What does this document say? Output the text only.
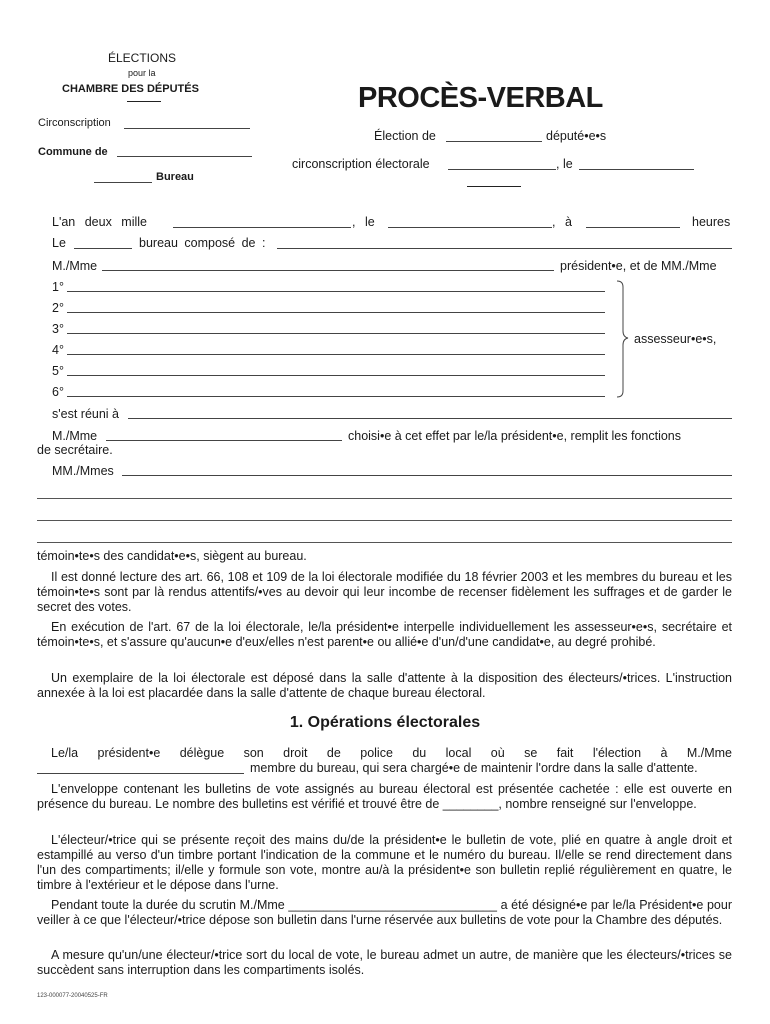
ÉLECTIONS
pour la
CHAMBRE DES DÉPUTÉS
Circonscription
Commune de
Bureau
PROCÈS-VERBAL
Élection de	député•e•s
circonscription électorale	, le
L'an deux mille	, le	, à	heures
Le	bureau composé de :
M./Mme	président•e, et de MM./Mme
1°
2°
3°
4°
5°
6°
assesseur•e•s,
s'est réuni à
M./Mme	choisi•e à cet effet par le/la président•e, remplit les fonctions
de secrétaire.
MM./Mmes
témoin•te•s des candidat•e•s, siègent au bureau.
Il est donné lecture des art. 66, 108 et 109 de la loi électorale modifiée du 18 février 2003 et les membres du bureau et les témoin•te•s sont par là rendus attentifs/•ves au devoir qui leur incombe de recenser fidèlement les suffrages et de garder le secret des votes.
En exécution de l'art. 67 de la loi électorale, le/la président•e interpelle individuellement les assesseur•e•s, secrétaire et témoin•te•s, et s'assure qu'aucun•e d'eux/elles n'est parent•e ou allié•e d'un/d'une candidat•e, au degré prohibé.
Un exemplaire de la loi électorale est déposé dans la salle d'attente à la disposition des électeurs/•trices. L'instruction annexée à la loi est placardée dans la salle d'attente de chaque bureau électoral.
1. Opérations électorales
Le/la président•e délègue son droit de police du local où se fait l'élection à M./Mme
membre du bureau, qui sera chargé•e de maintenir l'ordre dans la salle d'attente.
L'enveloppe contenant les bulletins de vote assignés au bureau électoral est présentée cachetée : elle est ouverte en présence du bureau. Le nombre des bulletins est vérifié et trouvé être de ________, nombre renseigné sur l'enveloppe.
L'électeur/•trice qui se présente reçoit des mains du/de la président•e le bulletin de vote, plié en quatre à angle droit et estampillé au verso d'un timbre portant l'indication de la commune et le numéro du bureau. Il/elle se rend directement dans l'un des compartiments; il/elle y formule son vote, montre au/à la président•e son bulletin replié régulièrement en quatre, le timbre à l'extérieur et le dépose dans l'urne.
Pendant toute la durée du scrutin M./Mme ______________________________ a été désigné•e par le/la Président•e pour veiller à ce que l'électeur/•trice dépose son bulletin dans l'urne réservée aux bulletins de vote pour la Chambre des députés.
A mesure qu'un/une électeur/•trice sort du local de vote, le bureau admet un autre, de manière que les électeurs/•trices se succèdent sans interruption dans les compartiments isolés.
123-000077-20040525-FR
